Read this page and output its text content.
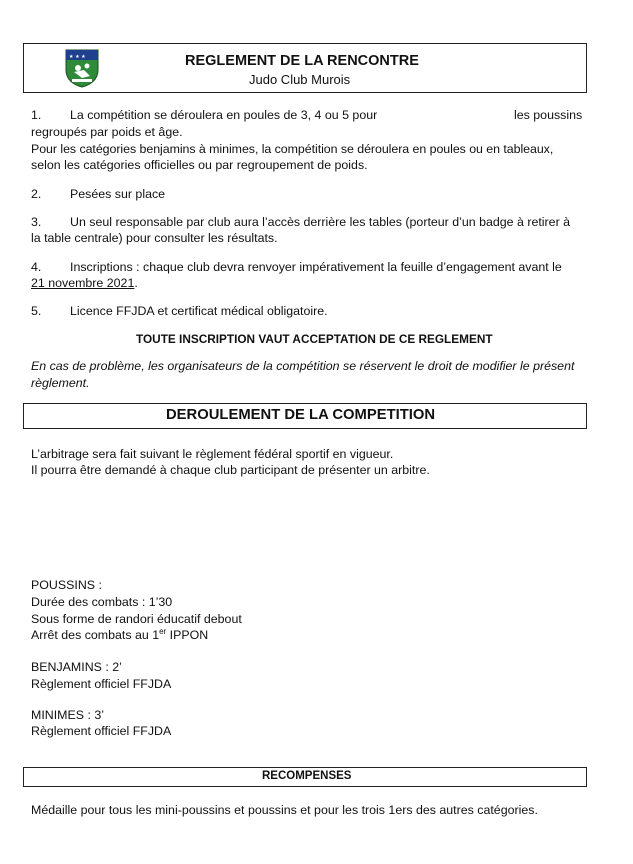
★ ★ ★	REGLEMENT DE LA RENCONTRE
Judo Club Murois
1. La compétition se déroulera en poules de 3, 4 ou 5 pour	les poussins
regroupés par poids et âge.
Pour les catégories benjamins à minimes, la compétition se déroulera en poules ou en tableaux,
selon les catégories officielles ou par regroupement de poids.
2. Pesées sur place
3. Un seul responsable par club aura l’accès derrière les tables (porteur d’un badge à retirer à
la table centrale) pour consulter les résultats.
4. Inscriptions : chaque club devra renvoyer impérativement la feuille d’engagement avant le
21 novembre 2021.
5. Licence FFJDA et certificat médical obligatoire.
TOUTE INSCRIPTION VAUT ACCEPTATION DE CE REGLEMENT
En cas de problème, les organisateurs de la compétition se réservent le droit de modifier le présent
règlement.
DEROULEMENT DE LA COMPETITION
L’arbitrage sera fait suivant le règlement fédéral sportif en vigueur.
Il pourra être demandé à chaque club participant de présenter un arbitre.
POUSSINS :
Durée des combats : 1’30
Sous forme de randori éducatif debout
Arrêt des combats au 1er IPPON
BENJAMINS : 2’
Règlement officiel FFJDA
MINIMES : 3’
Règlement officiel FFJDA
RECOMPENSES
Médaille pour tous les mini-poussins et poussins et pour les trois 1ers des autres catégories.
